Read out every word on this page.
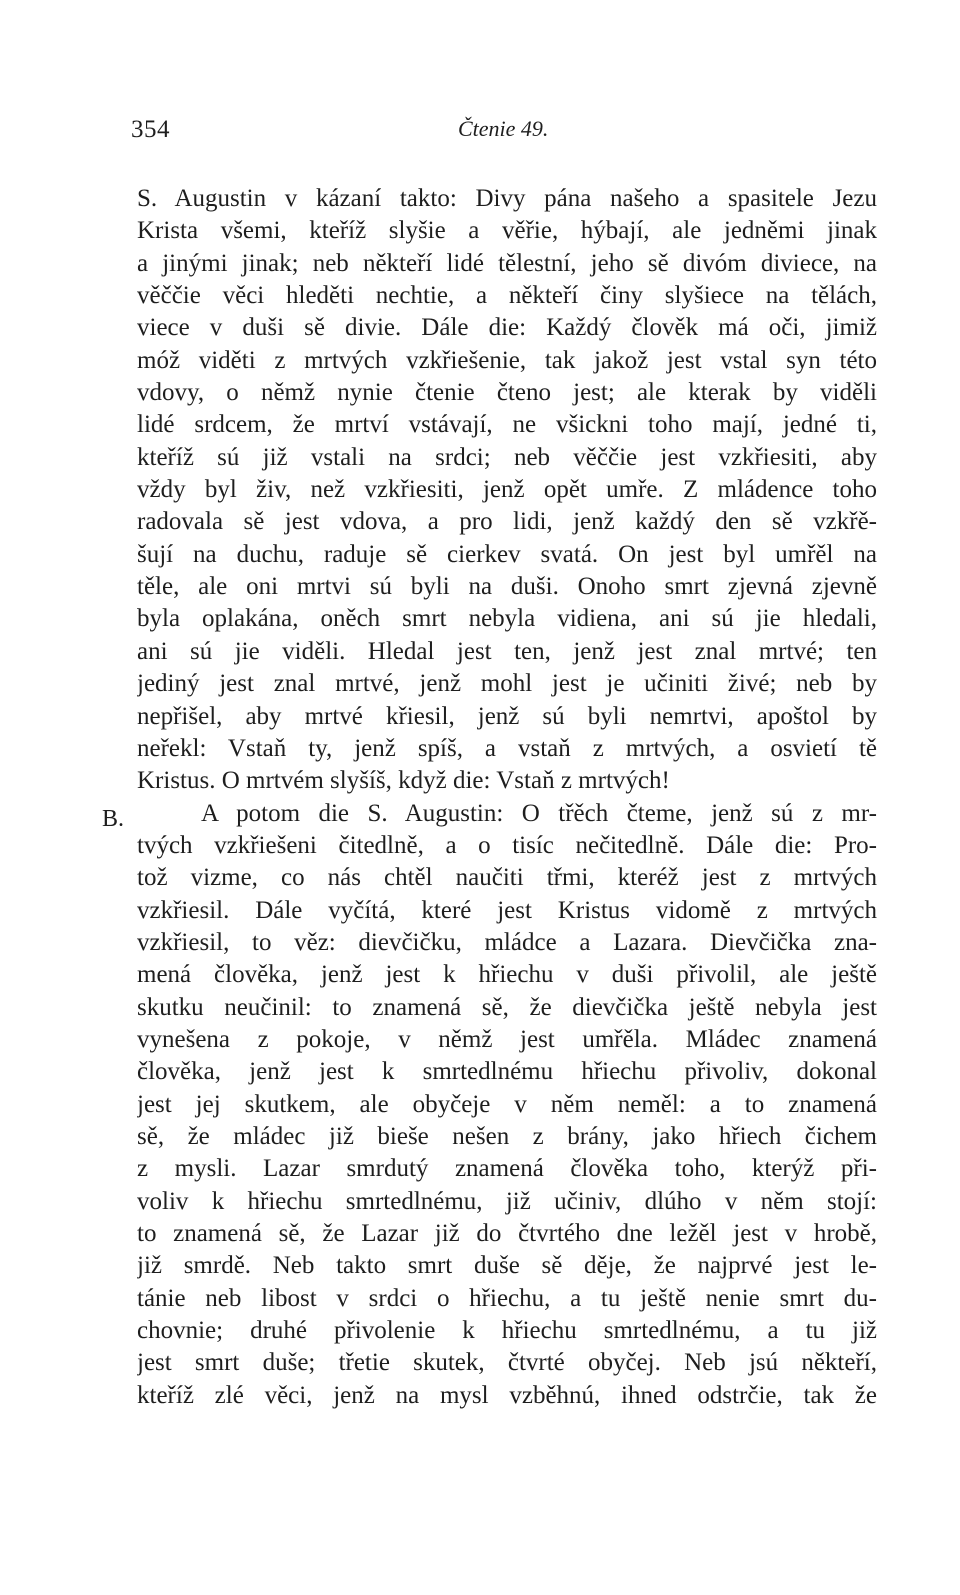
354	Čtenie 49.
B.
S. Augustin v kázaní takto: Divy pána našeho a spasitele Jezu
Krista všemi, kteříž slyšie a věřie, hýbají, ale jedněmi jinak
a jinými jinak; neb někteří lidé tělestní, jeho sě divóm diviece, na
věččie věci hleděti nechtie, a někteří činy slyšiece na tělách,
viece v duši sě divie. Dále die: Každý člověk má oči, jimiž
móž viděti z mrtvých vzkřiešenie, tak jakož jest vstal syn této
vdovy, o němž nynie čtenie čteno jest; ale kterak by viděli
lidé srdcem, že mrtví vstávají, ne všickni toho mají, jedné ti,
kteříž sú již vstali na srdci; neb věččie jest vzkřiesiti, aby
vždy byl živ, než vzkřiesiti, jenž opět umře. Z mládence toho
radovala sě jest vdova, a pro lidi, jenž každý den sě vzkřě-
šují na duchu, raduje sě cierkev svatá. On jest byl umřěl na
těle, ale oni mrtvi sú byli na duši. Onoho smrt zjevná zjevně
byla oplakána, oněch smrt nebyla vidiena, ani sú jie hledali,
ani sú jie viděli. Hledal jest ten, jenž jest znal mrtvé; ten
jediný jest znal mrtvé, jenž mohl jest je učiniti živé; neb by
nepřišel, aby mrtvé křiesil, jenž sú byli nemrtvi, apoštol by
neřekl: Vstaň ty, jenž spíš, a vstaň z mrtvých, a osvietí tě
Kristus. O mrtvém slyšíš, když die: Vstaň z mrtvých!
A potom die S. Augustin: O třěch čteme, jenž sú z mr-
tvých vzkřiešeni čitedlně, a o tisíc nečitedlně. Dále die: Pro-
tož vizme, co nás chtěl naučiti třmi, kteréž jest z mrtvých
vzkřiesil. Dále vyčítá, které jest Kristus vidomě z mrtvých
vzkřiesil, to věz: dievčičku, mládce a Lazara. Dievčička zna-
mená člověka, jenž jest k hřiechu v duši přivolil, ale ještě
skutku neučinil: to znamená sě, že dievčička ještě nebyla jest
vynešena z pokoje, v němž jest umřěla. Mládec znamená
člověka, jenž jest k smrtedlnému hřiechu přivoliv, dokonal
jest jej skutkem, ale obyčeje v něm neměl: a to znamená
sě, že mládec již bieše nešen z brány, jako hřiech čichem
z mysli. Lazar smrdutý znamená člověka toho, kterýž při-
voliv k hřiechu smrtedlnému, již učiniv, dlúho v něm stojí:
to znamená sě, že Lazar již do čtvrtého dne ležěl jest v hrobě,
již smrdě. Neb takto smrt duše sě děje, že najprvé jest le-
tánie neb libost v srdci o hřiechu, a tu ještě nenie smrt du-
chovnie; druhé přivolenie k hřiechu smrtedlnému, a tu již
jest smrt duše; třetie skutek, čtvrté obyčej. Neb jsú někteří,
kteříž zlé věci, jenž na mysl vzběhnú, ihned odstrčie, tak že
